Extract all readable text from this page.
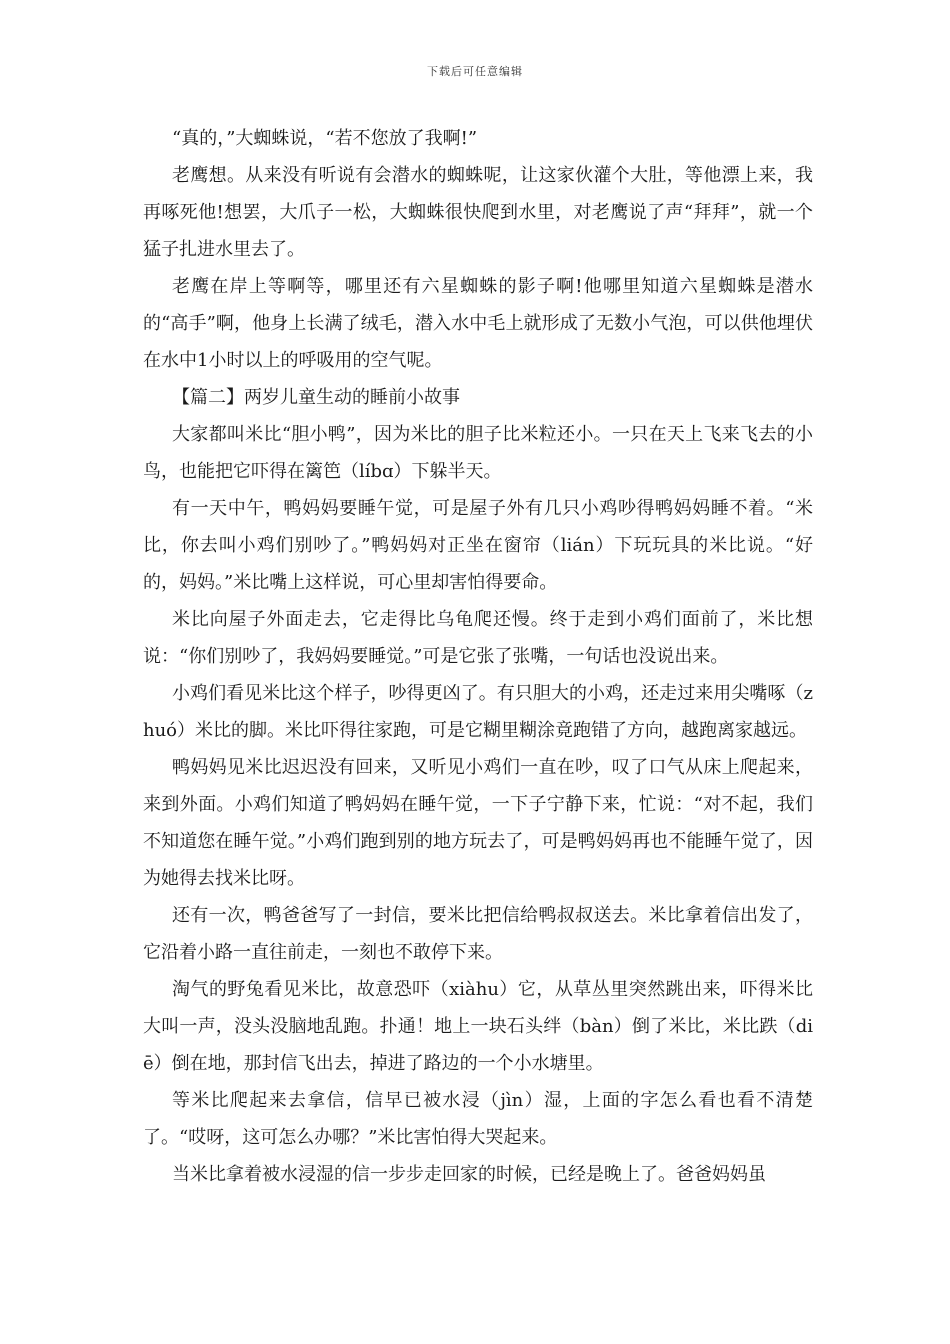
下载后可任意编辑

“真的，”大蜘蛛说，“若不您放了我啊!”

老鹰想。从来没有听说有会潜水的蜘蛛呢，让这家伙灌个大肚，等他漂上来，我再啄死他!想罢，大爪子一松，大蜘蛛很快爬到水里，对老鹰说了声“拜拜”，就一个猛子扎进水里去了。

老鹰在岸上等啊等，哪里还有六星蜘蛛的影子啊!他哪里知道六星蜘蛛是潜水的“高手”啊，他身上长满了绒毛，潜入水中毛上就形成了无数小气泡，可以供他埋伏在水中1小时以上的呼吸用的空气呢。

【篇二】两岁儿童生动的睡前小故事

大家都叫米比“胆小鸭”，因为米比的胆子比米粒还小。一只在天上飞来飞去的小鸟，也能把它吓得在篱笆（líbɑ）下躲半天。

有一天中午，鸭妈妈要睡午觉，可是屋子外有几只小鸡吵得鸭妈妈睡不着。“米比，你去叫小鸡们别吵了。”鸭妈妈对正坐在窗帘（lián）下玩玩具的米比说。“好的，妈妈。”米比嘴上这样说，可心里却害怕得要命。

米比向屋子外面走去，它走得比乌龟爬还慢。终于走到小鸡们面前了，米比想说：“你们别吵了，我妈妈要睡觉。”可是它张了张嘴，一句话也没说出来。

小鸡们看见米比这个样子，吵得更凶了。有只胆大的小鸡，还走过来用尖嘴啄（zhuó）米比的脚。米比吓得往家跑，可是它糊里糊涂竟跑错了方向，越跑离家越远。

鸭妈妈见米比迟迟没有回来，又听见小鸡们一直在吵，叹了口气从床上爬起来，来到外面。小鸡们知道了鸭妈妈在睡午觉，一下子宁静下来，忙说：“对不起，我们不知道您在睡午觉。”小鸡们跑到别的地方玩去了，可是鸭妈妈再也不能睡午觉了，因为她得去找米比呀。

还有一次，鸭爸爸写了一封信，要米比把信给鸭叔叔送去。米比拿着信出发了，它沿着小路一直往前走，一刻也不敢停下来。

淘气的野兔看见米比，故意恐吓（xiàhu）它，从草丛里突然跳出来，吓得米比大叫一声，没头没脑地乱跑。扑通！地上一块石头绊（bàn）倒了米比，米比跌（diē）倒在地，那封信飞出去，掉进了路边的一个小水塘里。

等米比爬起来去拿信，信早已被水浸（jìn）湿，上面的字怎么看也看不清楚了。“哎呀，这可怎么办哪？”米比害怕得大哭起来。

当米比拿着被水浸湿的信一步步走回家的时候，已经是晚上了。爸爸妈妈虽
